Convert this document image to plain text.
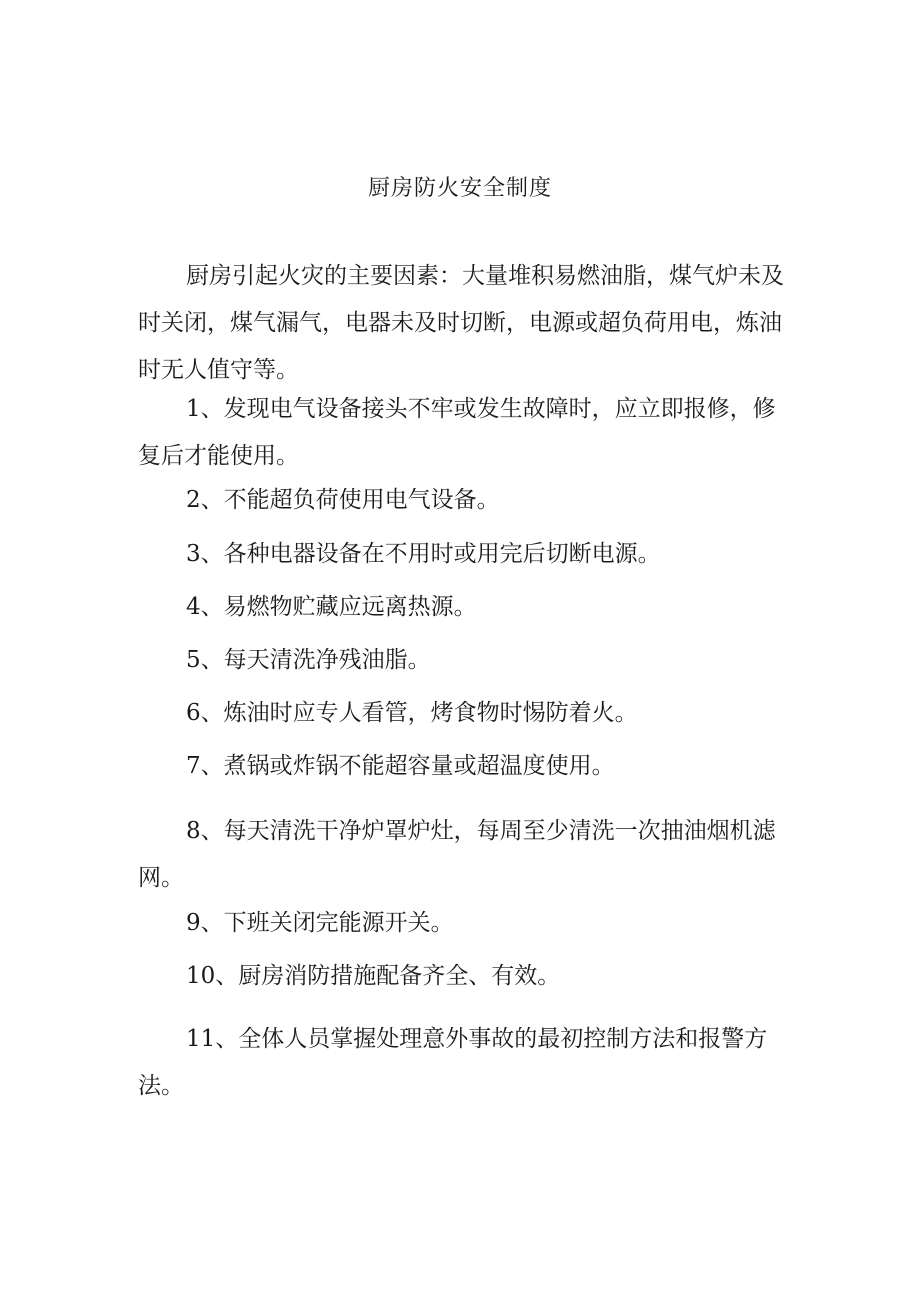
厨房防火安全制度

厨房引起火灾的主要因素：大量堆积易燃油脂，煤气炉未及时关闭，煤气漏气，电器未及时切断，电源或超负荷用电，炼油时无人值守等。

1、发现电气设备接头不牢或发生故障时，应立即报修，修复后才能使用。

2、不能超负荷使用电气设备。

3、各种电器设备在不用时或用完后切断电源。

4、易燃物贮藏应远离热源。

5、每天清洗净残油脂。

6、炼油时应专人看管，烤食物时惕防着火。

7、煮锅或炸锅不能超容量或超温度使用。

8、每天清洗干净炉罩炉灶，每周至少清洗一次抽油烟机滤网。

9、下班关闭完能源开关。

10、厨房消防措施配备齐全、有效。

11、全体人员掌握处理意外事故的最初控制方法和报警方法。
